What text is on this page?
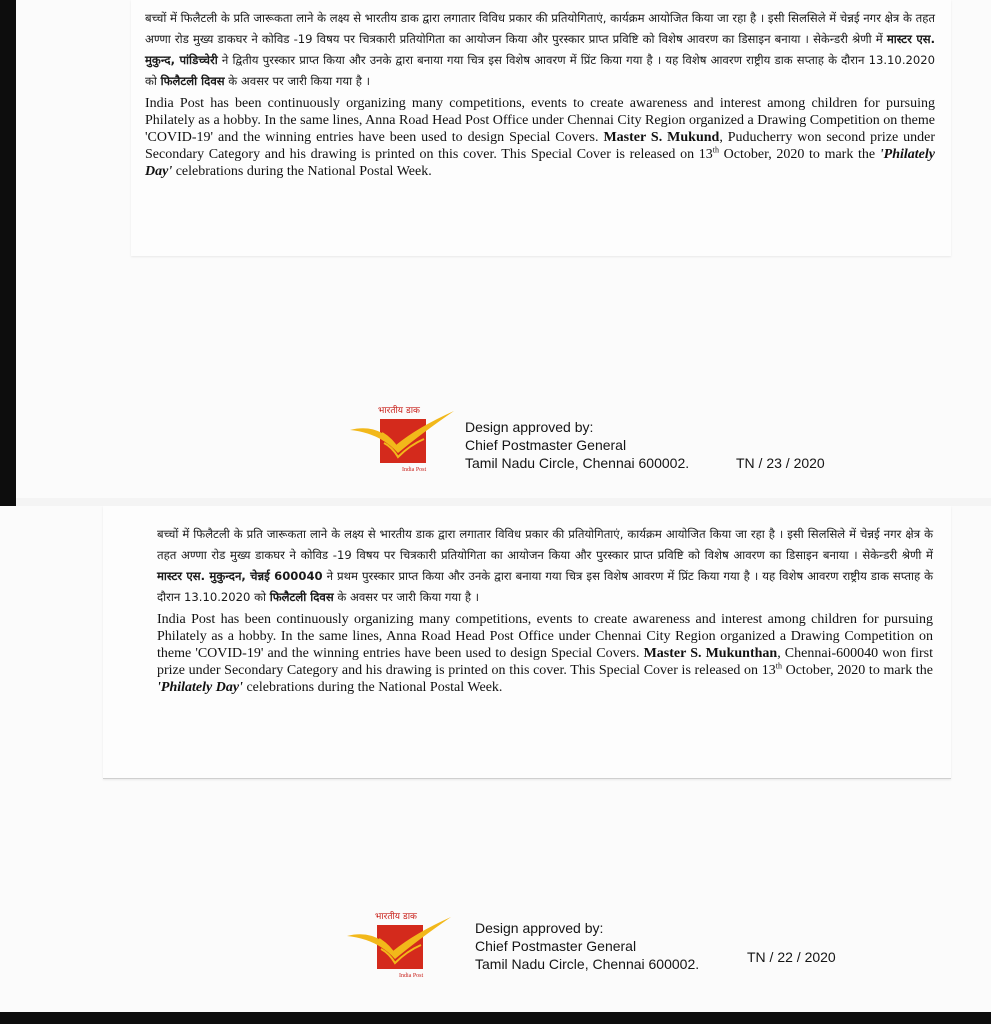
बच्चों में फिलैटली के प्रति जारूकता लाने के लक्ष्य से भारतीय डाक द्वारा लगातार विविध प्रकार की प्रतियोगिताएं, कार्यक्रम आयोजित किया जा रहा है । इसी सिलसिले में चेन्नई नगर क्षेत्र के तहत अण्णा रोड मुख्य डाकघर ने कोविड -19 विषय पर चित्रकारी प्रतियोगिता का आयोजन किया और पुरस्कार प्राप्त प्रविष्टि को विशेष आवरण का डिसाइन बनाया । सेकेन्डरी श्रेणी में मास्टर एस. मुकुन्द, पांडिच्चेरी ने द्वितीय पुरस्कार प्राप्त किया और उनके द्वारा बनाया गया चित्र इस विशेष आवरण में प्रिंट किया गया है । यह विशेष आवरण राष्ट्रीय डाक सप्ताह के दौरान 13.10.2020 को फिलैटली दिवस के अवसर पर जारी किया गया है ।

India Post has been continuously organizing many competitions, events to create awareness and interest among children for pursuing Philately as a hobby. In the same lines, Anna Road Head Post Office under Chennai City Region organized a Drawing Competition on theme 'COVID-19' and the winning entries have been used to design Special Covers. Master S. Mukund, Puducherry won second prize under Secondary Category and his drawing is printed on this cover. This Special Cover is released on 13th October, 2020 to mark the 'Philately Day' celebrations during the National Postal Week.

भारतीय डाक
India Post
Design approved by:
Chief Postmaster General
Tamil Nadu Circle, Chennai 600002.	TN / 23 / 2020

बच्चों में फिलैटली के प्रति जारूकता लाने के लक्ष्य से भारतीय डाक द्वारा लगातार विविध प्रकार की प्रतियोगिताएं, कार्यक्रम आयोजित किया जा रहा है । इसी सिलसिले में चेन्नई नगर क्षेत्र के तहत अण्णा रोड मुख्य डाकघर ने कोविड -19 विषय पर चित्रकारी प्रतियोगिता का आयोजन किया और पुरस्कार प्राप्त प्रविष्टि को विशेष आवरण का डिसाइन बनाया । सेकेन्डरी श्रेणी में मास्टर एस. मुकुन्दन, चेन्नई 600040 ने प्रथम पुरस्कार प्राप्त किया और उनके द्वारा बनाया गया चित्र इस विशेष आवरण में प्रिंट किया गया है । यह विशेष आवरण राष्ट्रीय डाक सप्ताह के दौरान 13.10.2020 को फिलैटली दिवस के अवसर पर जारी किया गया है ।

India Post has been continuously organizing many competitions, events to create awareness and interest among children for pursuing Philately as a hobby. In the same lines, Anna Road Head Post Office under Chennai City Region organized a Drawing Competition on theme 'COVID-19' and the winning entries have been used to design Special Covers. Master S. Mukunthan, Chennai-600040 won first prize under Secondary Category and his drawing is printed on this cover. This Special Cover is released on 13th October, 2020 to mark the 'Philately Day' celebrations during the National Postal Week.

भारतीय डाक
India Post
Design approved by:
Chief Postmaster General
Tamil Nadu Circle, Chennai 600002.	TN / 22 / 2020
